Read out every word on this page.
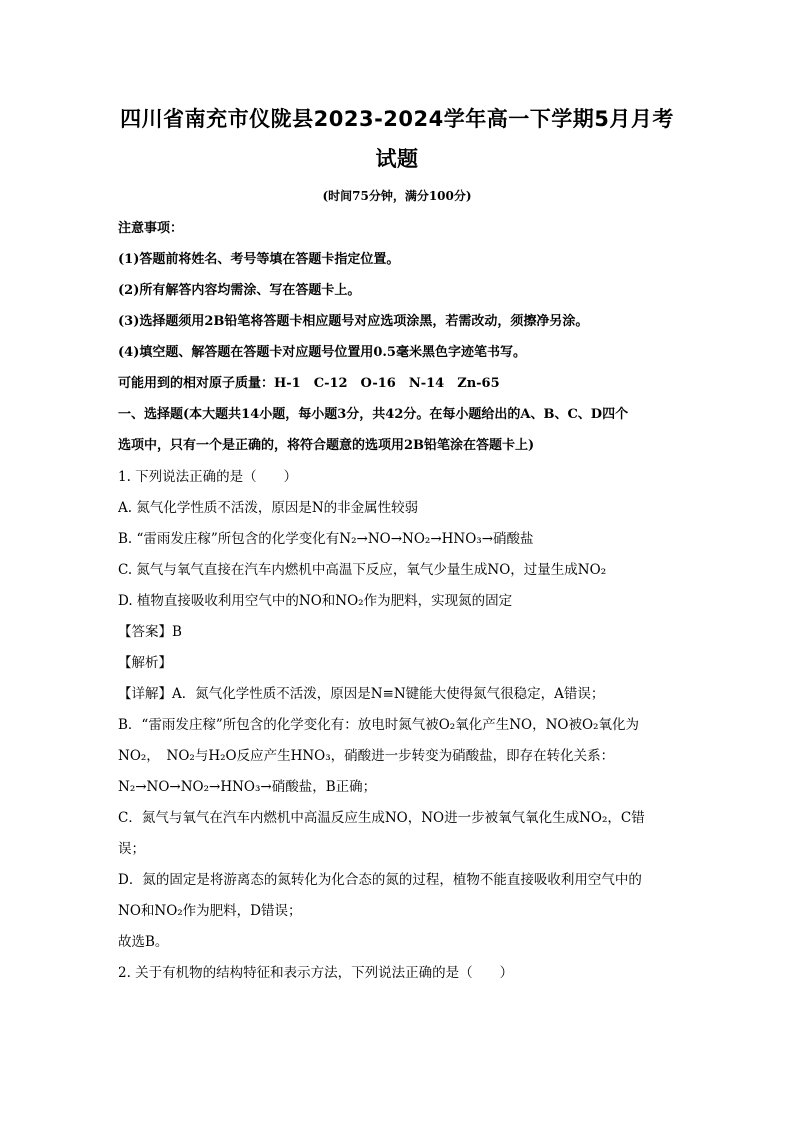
四川省南充市仪陇县2023-2024学年高一下学期5月月考
试题
(时间75分钟，满分100分)
注意事项：
(1)答题前将姓名、考号等填在答题卡指定位置。
(2)所有解答内容均需涂、写在答题卡上。
(3)选择题须用2B铅笔将答题卡相应题号对应选项涂黑，若需改动，须擦净另涂。
(4)填空题、解答题在答题卡对应题号位置用0.5毫米黑色字迹笔书写。
可能用到的相对原子质量：H-1　C-12　O-16　N-14　Zn-65
一、选择题(本大题共14小题，每小题3分，共42分。在每小题给出的A、B、C、D四个
选项中，只有一个是正确的，将符合题意的选项用2B铅笔涂在答题卡上)
1. 下列说法正确的是（　　）
A. 氮气化学性质不活泼，原因是N的非金属性较弱
B. “雷雨发庄稼”所包含的化学变化有N₂→NO→NO₂→HNO₃→硝酸盐
C. 氮气与氧气直接在汽车内燃机中高温下反应，氧气少量生成NO，过量生成NO₂
D. 植物直接吸收利用空气中的NO和NO₂作为肥料，实现氮的固定
【答案】B
【解析】
【详解】A．氮气化学性质不活泼，原因是N≡N键能大使得氮气很稳定，A错误；
B．“雷雨发庄稼”所包含的化学变化有：放电时氮气被O₂氧化产生NO，NO被O₂氧化为
NO₂，　NO₂与H₂O反应产生HNO₃，硝酸进一步转变为硝酸盐，即存在转化关系：
N₂→NO→NO₂→HNO₃→硝酸盐，B正确；
C．氮气与氧气在汽车内燃机中高温反应生成NO，NO进一步被氧气氧化生成NO₂，C错
误；
D．氮的固定是将游离态的氮转化为化合态的氮的过程，植物不能直接吸收利用空气中的
NO和NO₂作为肥料，D错误；
故选B。
2. 关于有机物的结构特征和表示方法，下列说法正确的是（　　）
